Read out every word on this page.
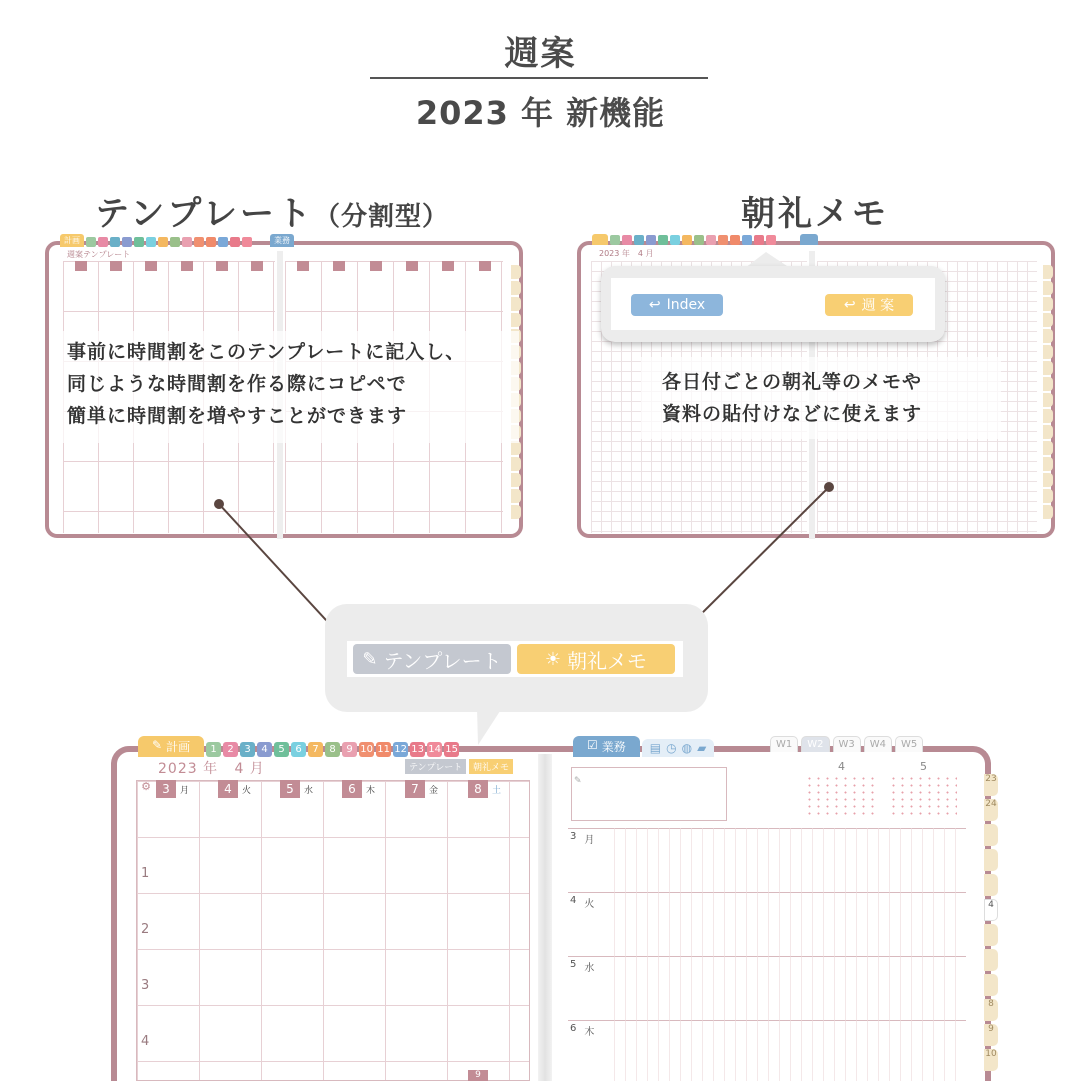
週案
2023 年 新機能
テンプレート（分割型）	朝礼メモ
週案テンプレート
計画	業務
事前に時間割をこのテンプレートに記入し、
同じような時間割を作る際にコピペで
簡単に時間割を増やすことができます
2023 年　4 月

↩ Index	↩ 週 案
各日付ごとの朝礼等のメモや
資料の貼付けなどに使えます
✎ テンプレート ☀ 朝礼メモ
✎ 計画	1	2	3	4	5	6	7	8	9 10 11 12 13 14 15	☑ 業務 ▤ ◷ ◍ ▰	W1	W2	W3	W4	W5
2023 年 4 月	テンプレート	朝礼メモ
⚙ 3	月	4	火	5	水	6	木	7	金	8	土
1
2
3
4
9
✎
4	5
3 月
4 火
5 水
6 木
23
24
4
8
9
10
